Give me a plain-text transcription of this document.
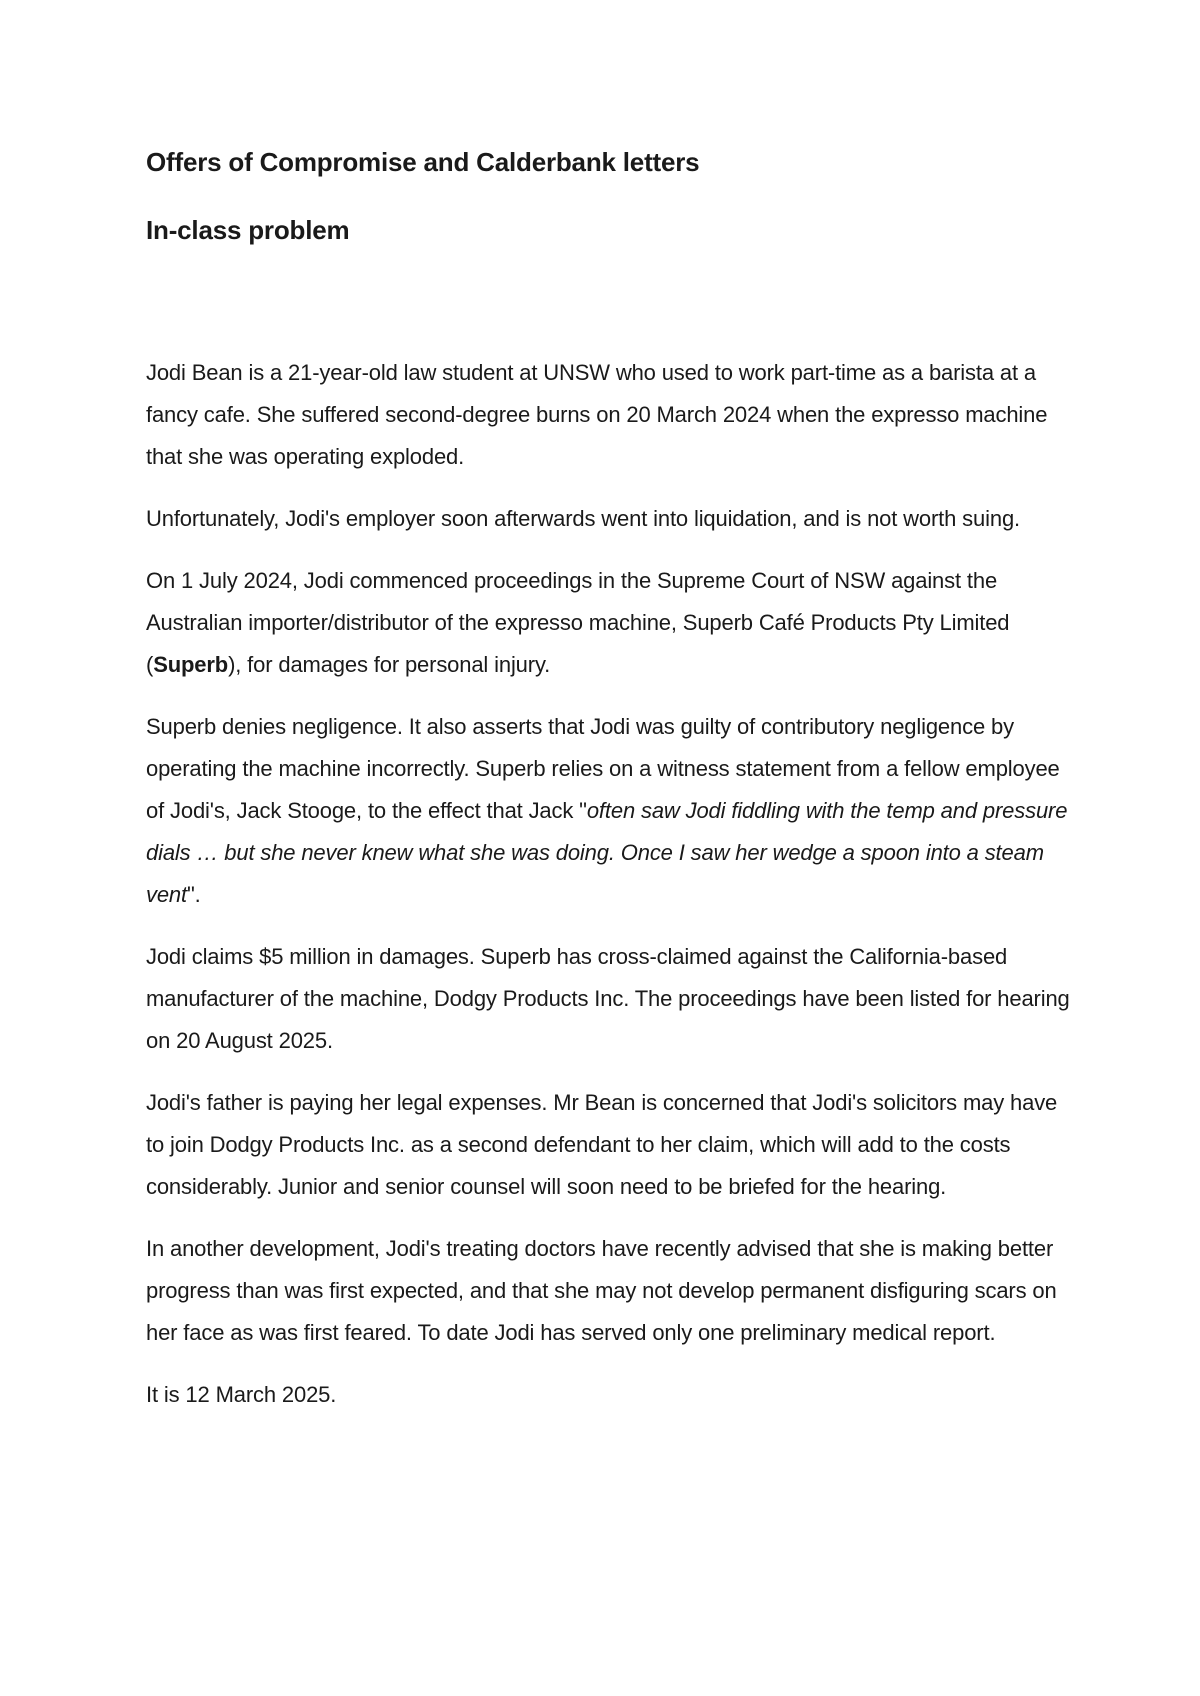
Offers of Compromise and Calderbank letters
In-class problem

Jodi Bean is a 21-year-old law student at UNSW who used to work part-time as a barista at a fancy cafe. She suffered second-degree burns on 20 March 2024 when the expresso machine that she was operating exploded.

Unfortunately, Jodi's employer soon afterwards went into liquidation, and is not worth suing.

On 1 July 2024, Jodi commenced proceedings in the Supreme Court of NSW against the Australian importer/distributor of the expresso machine, Superb Café Products Pty Limited (Superb), for damages for personal injury.

Superb denies negligence. It also asserts that Jodi was guilty of contributory negligence by operating the machine incorrectly. Superb relies on a witness statement from a fellow employee of Jodi's, Jack Stooge, to the effect that Jack "often saw Jodi fiddling with the temp and pressure dials … but she never knew what she was doing. Once I saw her wedge a spoon into a steam vent".

Jodi claims $5 million in damages. Superb has cross-claimed against the California-based manufacturer of the machine, Dodgy Products Inc. The proceedings have been listed for hearing on 20 August 2025.

Jodi's father is paying her legal expenses. Mr Bean is concerned that Jodi's solicitors may have to join Dodgy Products Inc. as a second defendant to her claim, which will add to the costs considerably. Junior and senior counsel will soon need to be briefed for the hearing.

In another development, Jodi's treating doctors have recently advised that she is making better progress than was first expected, and that she may not develop permanent disfiguring scars on her face as was first feared. To date Jodi has served only one preliminary medical report.

It is 12 March 2025.
